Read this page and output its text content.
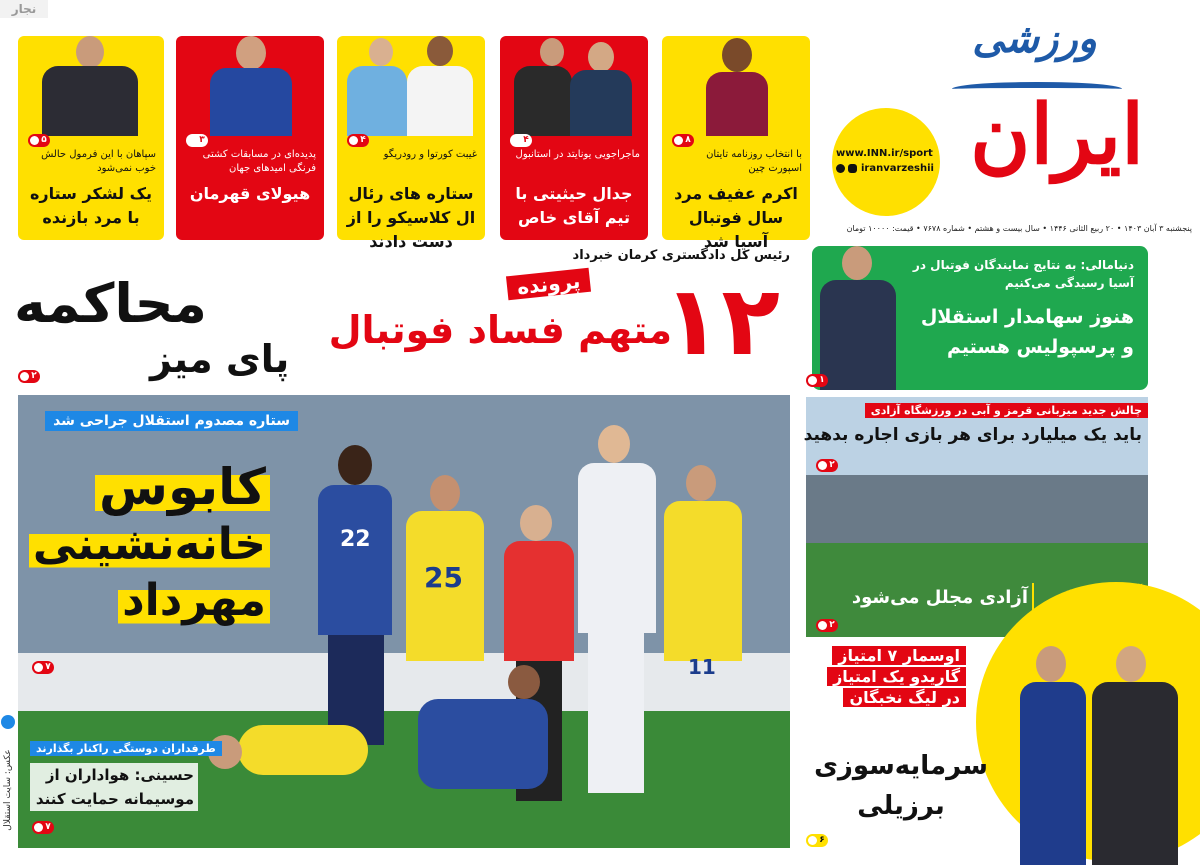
نجار
ورزشی
ایران
www.INN.ir/sport
iranvarzeshii
پنجشنبه ۳ آبان ۱۴۰۳ • ۲۰ ربیع الثانی ۱۴۴۶ • سال بیست و هشتم • شماره ۷۶۷۸ • قیمت: ۱۰۰۰۰ تومان
۸
با انتخاب روزنامه تایتان اسپورت چین
اکرم عفیف مرد سال فوتبال آسیا شد
۴
ماجراجویی یونایتد در استانبول
جدال حیثیتی با تیم آقای خاص
۴
غیبت کورتوا و رودریگو
ستاره های رئال ال کلاسیکو را از دست دادند
۳
پدیده‌ای در مسابقات کشتی فرنگی امیدهای جهان
هیولای قهرمان
۵
سپاهان با این فرمول حالش خوب نمی‌شود
یک لشکر ستاره با مرد بازنده
رئیس کل دادگستری کرمان خبرداد
۱۲
پرونده
متهم فساد فوتبال
پای میز
محاکمه
۲
دنیامالی: به نتایج نمایندگان فوتبال در آسیا رسیدگی می‌کنیم
هنوز سهامدار استقلال و پرسپولیس هستیم
۱
22
25
11
ستاره مصدوم استقلال جراحی شد
کابوس خانه‌نشینی مهرداد
۷
طرفداران دوستگی راکنار بگذارند
حسینی: هواداران از موسیمانه حمایت کنند
۷
عکس: سایت استقلال
چالش جدید میزبانی قرمز و آبی در ورزشگاه آزادی
باید یک میلیارد برای هر بازی اجاره بدهید
۲
آزادی مجلل می‌شود
۲
اوسمار ۷ امتیاز گاریدو یک امتیاز در لیگ نخبگان
سرمایه‌سوزی
برزیلی
۶
